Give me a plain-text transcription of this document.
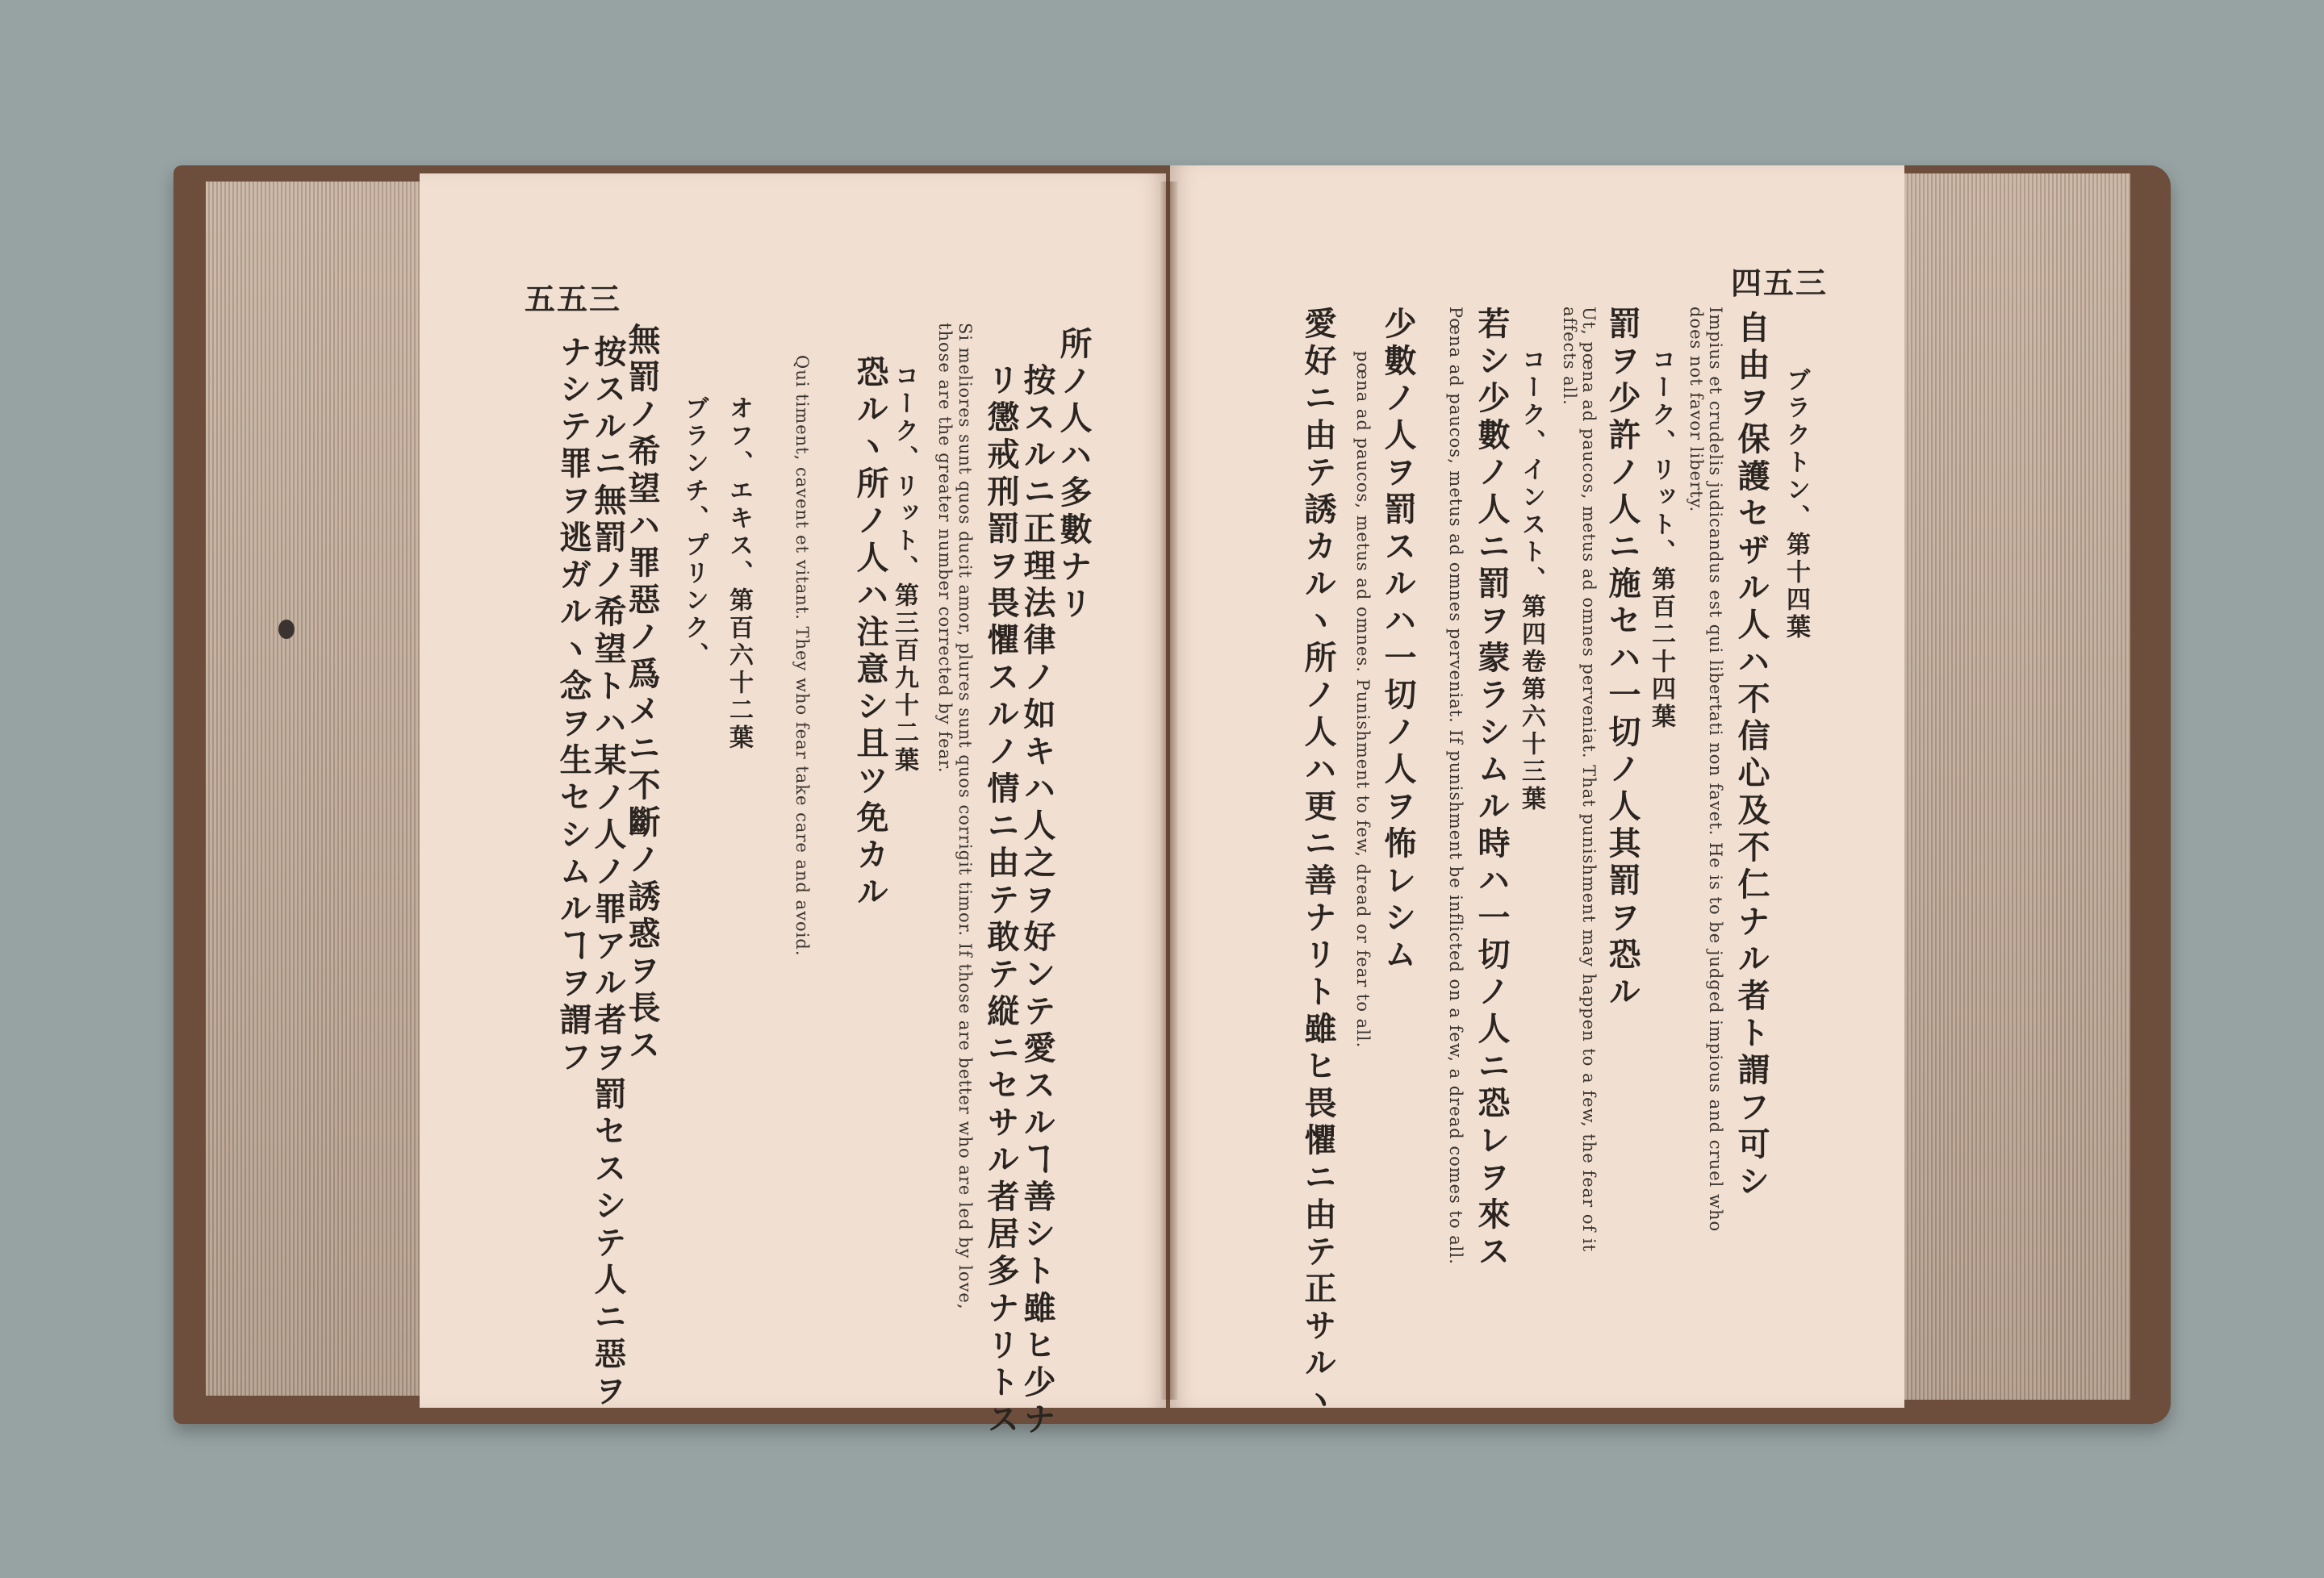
五五三
所ノ人ハ多數ナリ
按スルニ正理法律ノ如キハ人之ヲ好ンテ愛スルヿ善シト雖ヒ少ナ
リ懲戒刑罰ヲ畏懼スルノ情ニ由テ敢テ縦ニセサル者居多ナリトス
Si meliores sunt quos ducit amor, plures sunt quos corrigit timor. If those are better who are led by love,
those are the greater number corrected by fear.
コーク、リット、第三百九十二葉
恐ルヽ所ノ人ハ注意シ且ツ免カル
Qui timent, cavent et vitant. They who fear take care and avoid.
オフ、エキス、第百六十二葉
ブランチ、プリンク、
無罰ノ希望ハ罪惡ノ爲メニ不斷ノ誘惑ヲ長ス
按スルニ無罰ノ希望トハ某ノ人ノ罪アル者ヲ罰セスシテ人ニ惡ヲ
ナシテ罪ヲ逃ガルヽ念ヲ生セシムルヿヲ謂フ
四五三
ブラクトン、第十四葉
自由ヲ保護セザル人ハ不信心及不仁ナル者ト謂フ可シ
Impius et crudelis judicandus est qui libertati non favet. He is to be judged impious and cruel who
does not favor liberty.
コーク、リット、第百二十四葉
罰ヲ少許ノ人ニ施セハ一切ノ人其罰ヲ恐ル
Ut, pœna ad paucos, metus ad omnes perveniat. That punishment may happen to a few, the fear of it
affects all.
コーク、インスト、第四卷第六十三葉
若シ少數ノ人ニ罰ヲ蒙ラシムル時ハ一切ノ人ニ恐レヲ來ス
Pœna ad paucos, metus ad omnes perveniat. If punishment be inflicted on a few, a dread comes to all.
少數ノ人ヲ罰スルハ一切ノ人ヲ怖レシム
pœna ad paucos, metus ad omnes. Punishment to few, dread or fear to all.
愛好ニ由テ誘カルヽ所ノ人ハ更ニ善ナリト雖ヒ畏懼ニ由テ正サルヽ
